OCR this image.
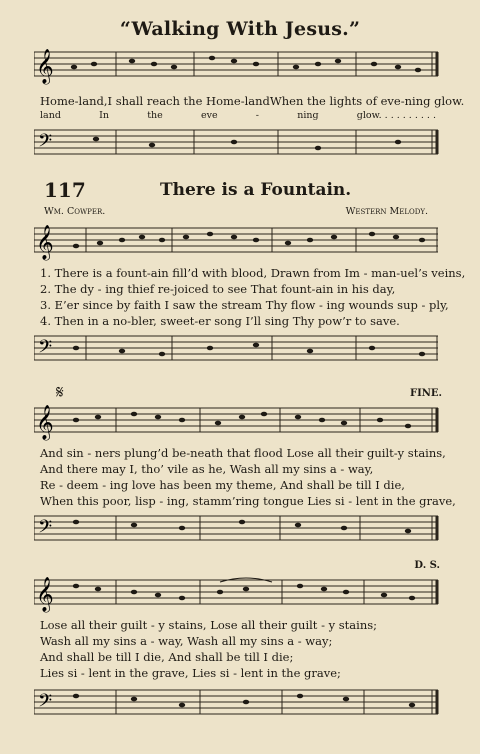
“Walking With Jesus.”
𝄞
Home-land, I shall reach the Home-land When the lights of eve-ning glow.
land	In	the	eve	-	ning	glow. . . . . . . . . .
𝄢
117	There is a Fountain.
Wm. Cowper.	Western Melody.
𝄞
1. There is a fount-ain fill’d with blood, Drawn from Im - man-uel’s veins,
2. The dy - ing thief re-joiced to see That fount-ain in his day,
3. E’er since by faith I saw the stream Thy flow - ing wounds sup - ply,
4. Then in a no-bler, sweet-er song I’ll sing Thy pow’r to save.
𝄢
𝄋	FINE.
𝄞
And sin - ners plung’d be-neath that flood Lose all their guilt-y stains,
And there may I, tho’ vile as he, Wash all my sins a - way,
Re - deem - ing love has been my theme, And shall be till I die,
When this poor, lisp - ing, stamm’ring tongue Lies si - lent in the grave,
𝄢
D. S.
𝄞
Lose all their guilt - y stains, Lose all their guilt - y stains;
Wash all my sins a - way, Wash all my sins a - way;
And shall be till I die, And shall be till I die;
Lies si - lent in the grave, Lies si - lent in the grave;
𝄢
